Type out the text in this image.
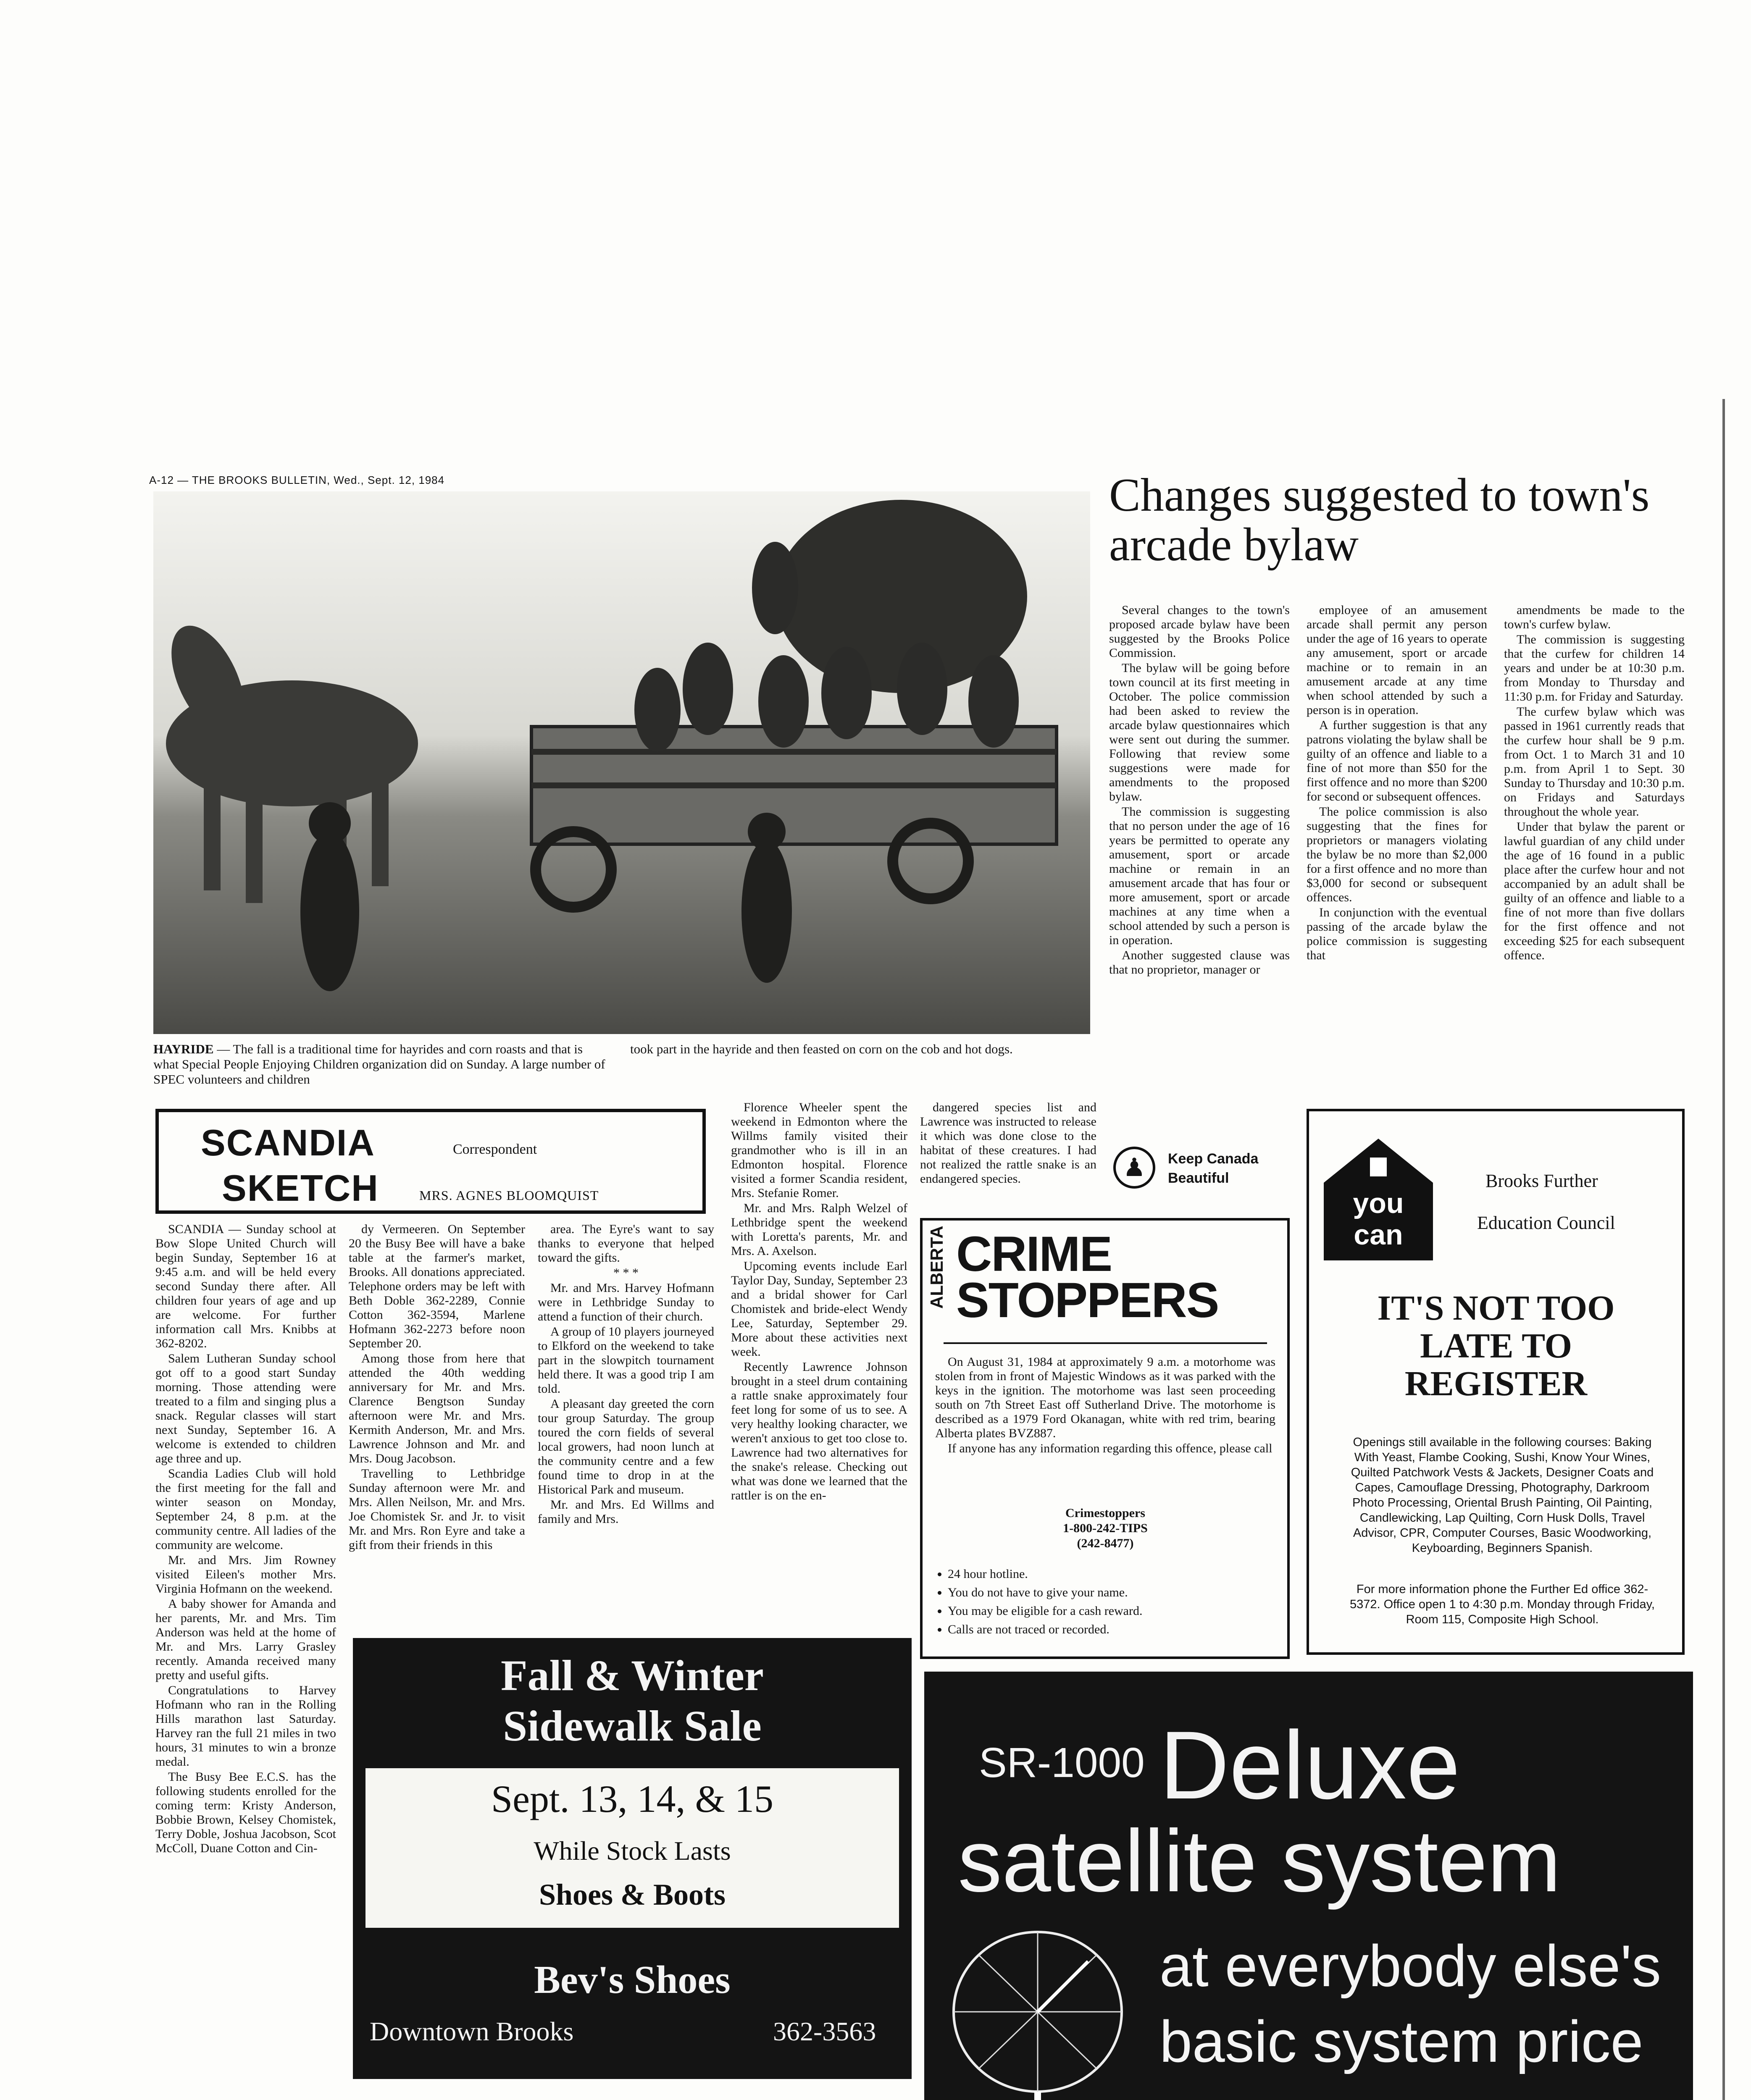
A-12 — THE BROOKS BULLETIN, Wed., Sept. 12, 1984
HAYRIDE — The fall is a traditional time for hayrides and corn roasts and that is what Special People Enjoying Children organization did on Sunday. A large number of SPEC volunteers and children
took part in the hayride and then feasted on corn on the cob and hot dogs.
Changes suggested to town's arcade bylaw

Several changes to the town's proposed arcade bylaw have been suggested by the Brooks Police Commission.

The bylaw will be going before town council at its first meeting in October. The police commission had been asked to review the arcade bylaw questionnaires which were sent out during the summer. Following that review some suggestions were made for amendments to the proposed bylaw.

The commission is suggesting that no person under the age of 16 years be permitted to operate any amusement, sport or arcade machine or remain in an amusement arcade that has four or more amusement, sport or arcade machines at any time when a school attended by such a person is in operation.

Another suggested clause was that no proprietor, manager or

employee of an amusement arcade shall permit any person under the age of 16 years to operate any amusement, sport or arcade machine or to remain in an amusement arcade at any time when school attended by such a person is in operation.

A further suggestion is that any patrons violating the bylaw shall be guilty of an offence and liable to a fine of not more than $50 for the first offence and no more than $200 for second or subsequent offences.

The police commission is also suggesting that the fines for proprietors or managers violating the bylaw be no more than $2,000 for a first offence and no more than $3,000 for second or subsequent offences.

In conjunction with the eventual passing of the arcade bylaw the police commission is suggesting that

amendments be made to the town's curfew bylaw.

The commission is suggesting that the curfew for children 14 years and under be at 10:30 p.m. from Monday to Thursday and 11:30 p.m. for Friday and Saturday.

The curfew bylaw which was passed in 1961 currently reads that the curfew hour shall be 9 p.m. from Oct. 1 to March 31 and 10 p.m. from April 1 to Sept. 30 Sunday to Thursday and 10:30 p.m. on Fridays and Saturdays throughout the whole year.

Under that bylaw the parent or lawful guardian of any child under the age of 16 found in a public place after the curfew hour and not accompanied by an adult shall be guilty of an offence and liable to a fine of not more than five dollars for the first offence and not exceeding $25 for each subsequent offence.

SCANDIA
SKETCH
Correspondent
MRS. AGNES BLOOMQUIST

SCANDIA — Sunday school at Bow Slope United Church will begin Sunday, September 16 at 9:45 a.m. and will be held every second Sunday there after. All children four years of age and up are welcome. For further information call Mrs. Knibbs at 362-8202.

Salem Lutheran Sunday school got off to a good start Sunday morning. Those attending were treated to a film and singing plus a snack. Regular classes will start next Sunday, September 16. A welcome is extended to children age three and up.

Scandia Ladies Club will hold the first meeting for the fall and winter season on Monday, September 24, 8 p.m. at the community centre. All ladies of the community are welcome.

Mr. and Mrs. Jim Rowney visited Eileen's mother Mrs. Virginia Hofmann on the weekend.

A baby shower for Amanda and her parents, Mr. and Mrs. Tim Anderson was held at the home of Mr. and Mrs. Larry Grasley recently. Amanda received many pretty and useful gifts.

Congratulations to Harvey Hofmann who ran in the Rolling Hills marathon last Saturday. Harvey ran the full 21 miles in two hours, 31 minutes to win a bronze medal.

The Busy Bee E.C.S. has the following students enrolled for the coming term: Kristy Anderson, Bobbie Brown, Kelsey Chomistek, Terry Doble, Joshua Jacobson, Scot McColl, Duane Cotton and Cin-

dy Vermeeren. On September 20 the Busy Bee will have a bake table at the farmer's market, Brooks. All donations appreciated. Telephone orders may be left with Beth Doble 362-2289, Connie Cotton 362-3594, Marlene Hofmann 362-2273 before noon September 20.

Among those from here that attended the 40th wedding anniversary for Mr. and Mrs. Clarence Bengtson Sunday afternoon were Mr. and Mrs. Kermith Anderson, Mr. and Mrs. Lawrence Johnson and Mr. and Mrs. Doug Jacobson.

Travelling to Lethbridge Sunday afternoon were Mr. and Mrs. Allen Neilson, Mr. and Mrs. Joe Chomistek Sr. and Jr. to visit Mr. and Mrs. Ron Eyre and take a gift from their friends in this

area. The Eyre's want to say thanks to everyone that helped toward the gifts.

* * *

Mr. and Mrs. Harvey Hofmann were in Lethbridge Sunday to attend a function of their church.

A group of 10 players journeyed to Elkford on the weekend to take part in the slowpitch tournament held there. It was a good trip I am told.

A pleasant day greeted the corn tour group Saturday. The group toured the corn fields of several local growers, had noon lunch at the community centre and a few found time to drop in at the Historical Park and museum.

Mr. and Mrs. Ed Willms and family and Mrs.

Florence Wheeler spent the weekend in Edmonton where the Willms family visited their grandmother who is ill in an Edmonton hospital. Florence visited a former Scandia resident, Mrs. Stefanie Romer.

Mr. and Mrs. Ralph Welzel of Lethbridge spent the weekend with Loretta's parents, Mr. and Mrs. A. Axelson.

Upcoming events include Earl Taylor Day, Sunday, September 23 and a bridal shower for Carl Chomistek and bride-elect Wendy Lee, Saturday, September 29. More about these activities next week.

Recently Lawrence Johnson brought in a steel drum containing a rattle snake approximately four feet long for some of us to see. A very healthy looking character, we weren't anxious to get too close to. Lawrence had two alternatives for the snake's release. Checking out what was done we learned that the rattler is on the en-

dangered species list and Lawrence was instructed to release it which was done close to the habitat of these creatures. I had not realized the rattle snake is an endangered species.	♟	Keep Canada
Beautiful
ALBERTA CRIME
STOPPERS

On August 31, 1984 at approximately 9 a.m. a motorhome was stolen from in front of Majestic Windows as it was parked with the keys in the ignition. The motorhome was last seen proceeding south on 7th Street East off Sutherland Drive. The motorhome is described as a 1979 Ford Okanagan, white with red trim, bearing Alberta plates BVZ887.

If anyone has any information regarding this offence, please call

Crimestoppers
1-800-242-TIPS
(242-8477)
• 24 hour hotline.
• You do not have to give your name.
• You may be eligible for a cash reward.
• Calls are not traced or recorded.
you
can
Brooks Further
Education Council
IT'S NOT TOO
LATE TO
REGISTER
Openings still available in the following courses: Baking With Yeast, Flambe Cooking, Sushi, Know Your Wines, Quilted Patchwork Vests & Jackets, Designer Coats and Capes, Camouflage Dressing, Photography, Darkroom Photo Processing, Oriental Brush Painting, Oil Painting, Candlewicking, Lap Quilting, Corn Husk Dolls, Travel Advisor, CPR, Computer Courses, Basic Woodworking, Keyboarding, Beginners Spanish.
For more information phone the Further Ed office 362-5372. Office open 1 to 4:30 p.m. Monday through Friday, Room 115, Composite High School.
Fall & Winter
Sidewalk Sale
Sept. 13, 14, & 15
While Stock Lasts
Shoes & Boots
Bev's Shoes
Downtown Brooks	362-3563
SR-1000 Deluxe
satellite system
at everybody else's
basic system price
